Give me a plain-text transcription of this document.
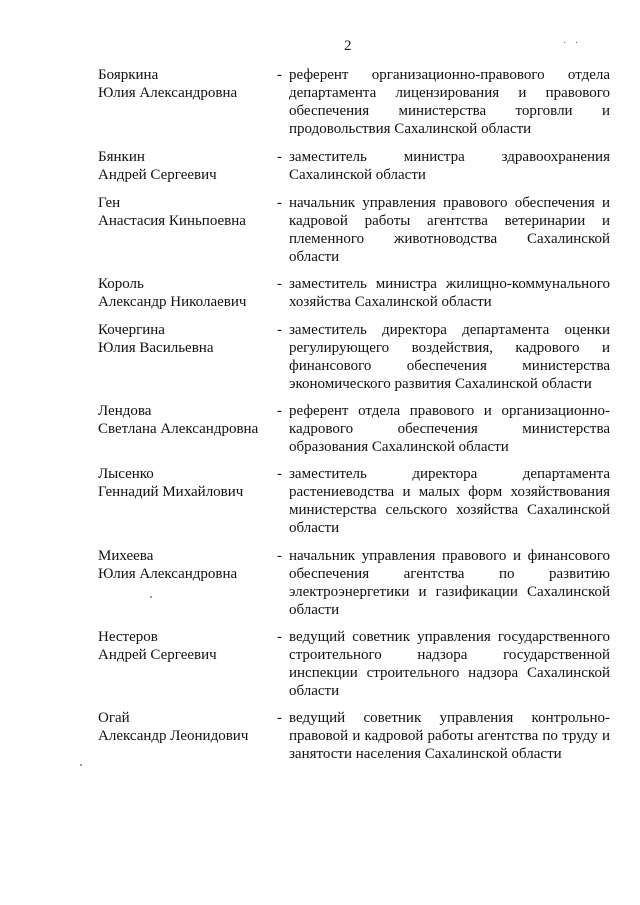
2	· ·
Бояркина
Юлия Александровна
- референт организационно-правового отдела департамента лицензирования и правового обеспечения министерства торговли и продовольствия Сахалинской области
Бянкин
Андрей Сергеевич
- заместитель министра здравоохранения Сахалинской области
Ген
Анастасия Киньпоевна
- начальник управления правового обеспечения и кадровой работы агентства ветеринарии и племенного животноводства Сахалинской области
Король
Александр Николаевич
- заместитель министра жилищно-коммунального хозяйства Сахалинской области
Кочергина
Юлия Васильевна
- заместитель директора департамента оценки регулирующего воздействия, кадрового и финансового обеспечения министерства экономического развития Сахалинской области
Лендова
Светлана Александровна
- референт отдела правового и организационно-кадрового обеспечения министерства образования Сахалинской области
Лысенко
Геннадий Михайлович
- заместитель директора департамента растениеводства и малых форм хозяйствования министерства сельского хозяйства Сахалинской области
Михеева
Юлия Александровна
- начальник управления правового и финансового обеспечения агентства по развитию электроэнергетики и газификации Сахалинской области
Нестеров
Андрей Сергеевич
- ведущий советник управления государственного строительного надзора государственной инспекции строительного надзора Сахалинской области
Огай
Александр Леонидович
- ведущий советник управления контрольно-правовой и кадровой работы агентства по труду и занятости населения Сахалинской области
